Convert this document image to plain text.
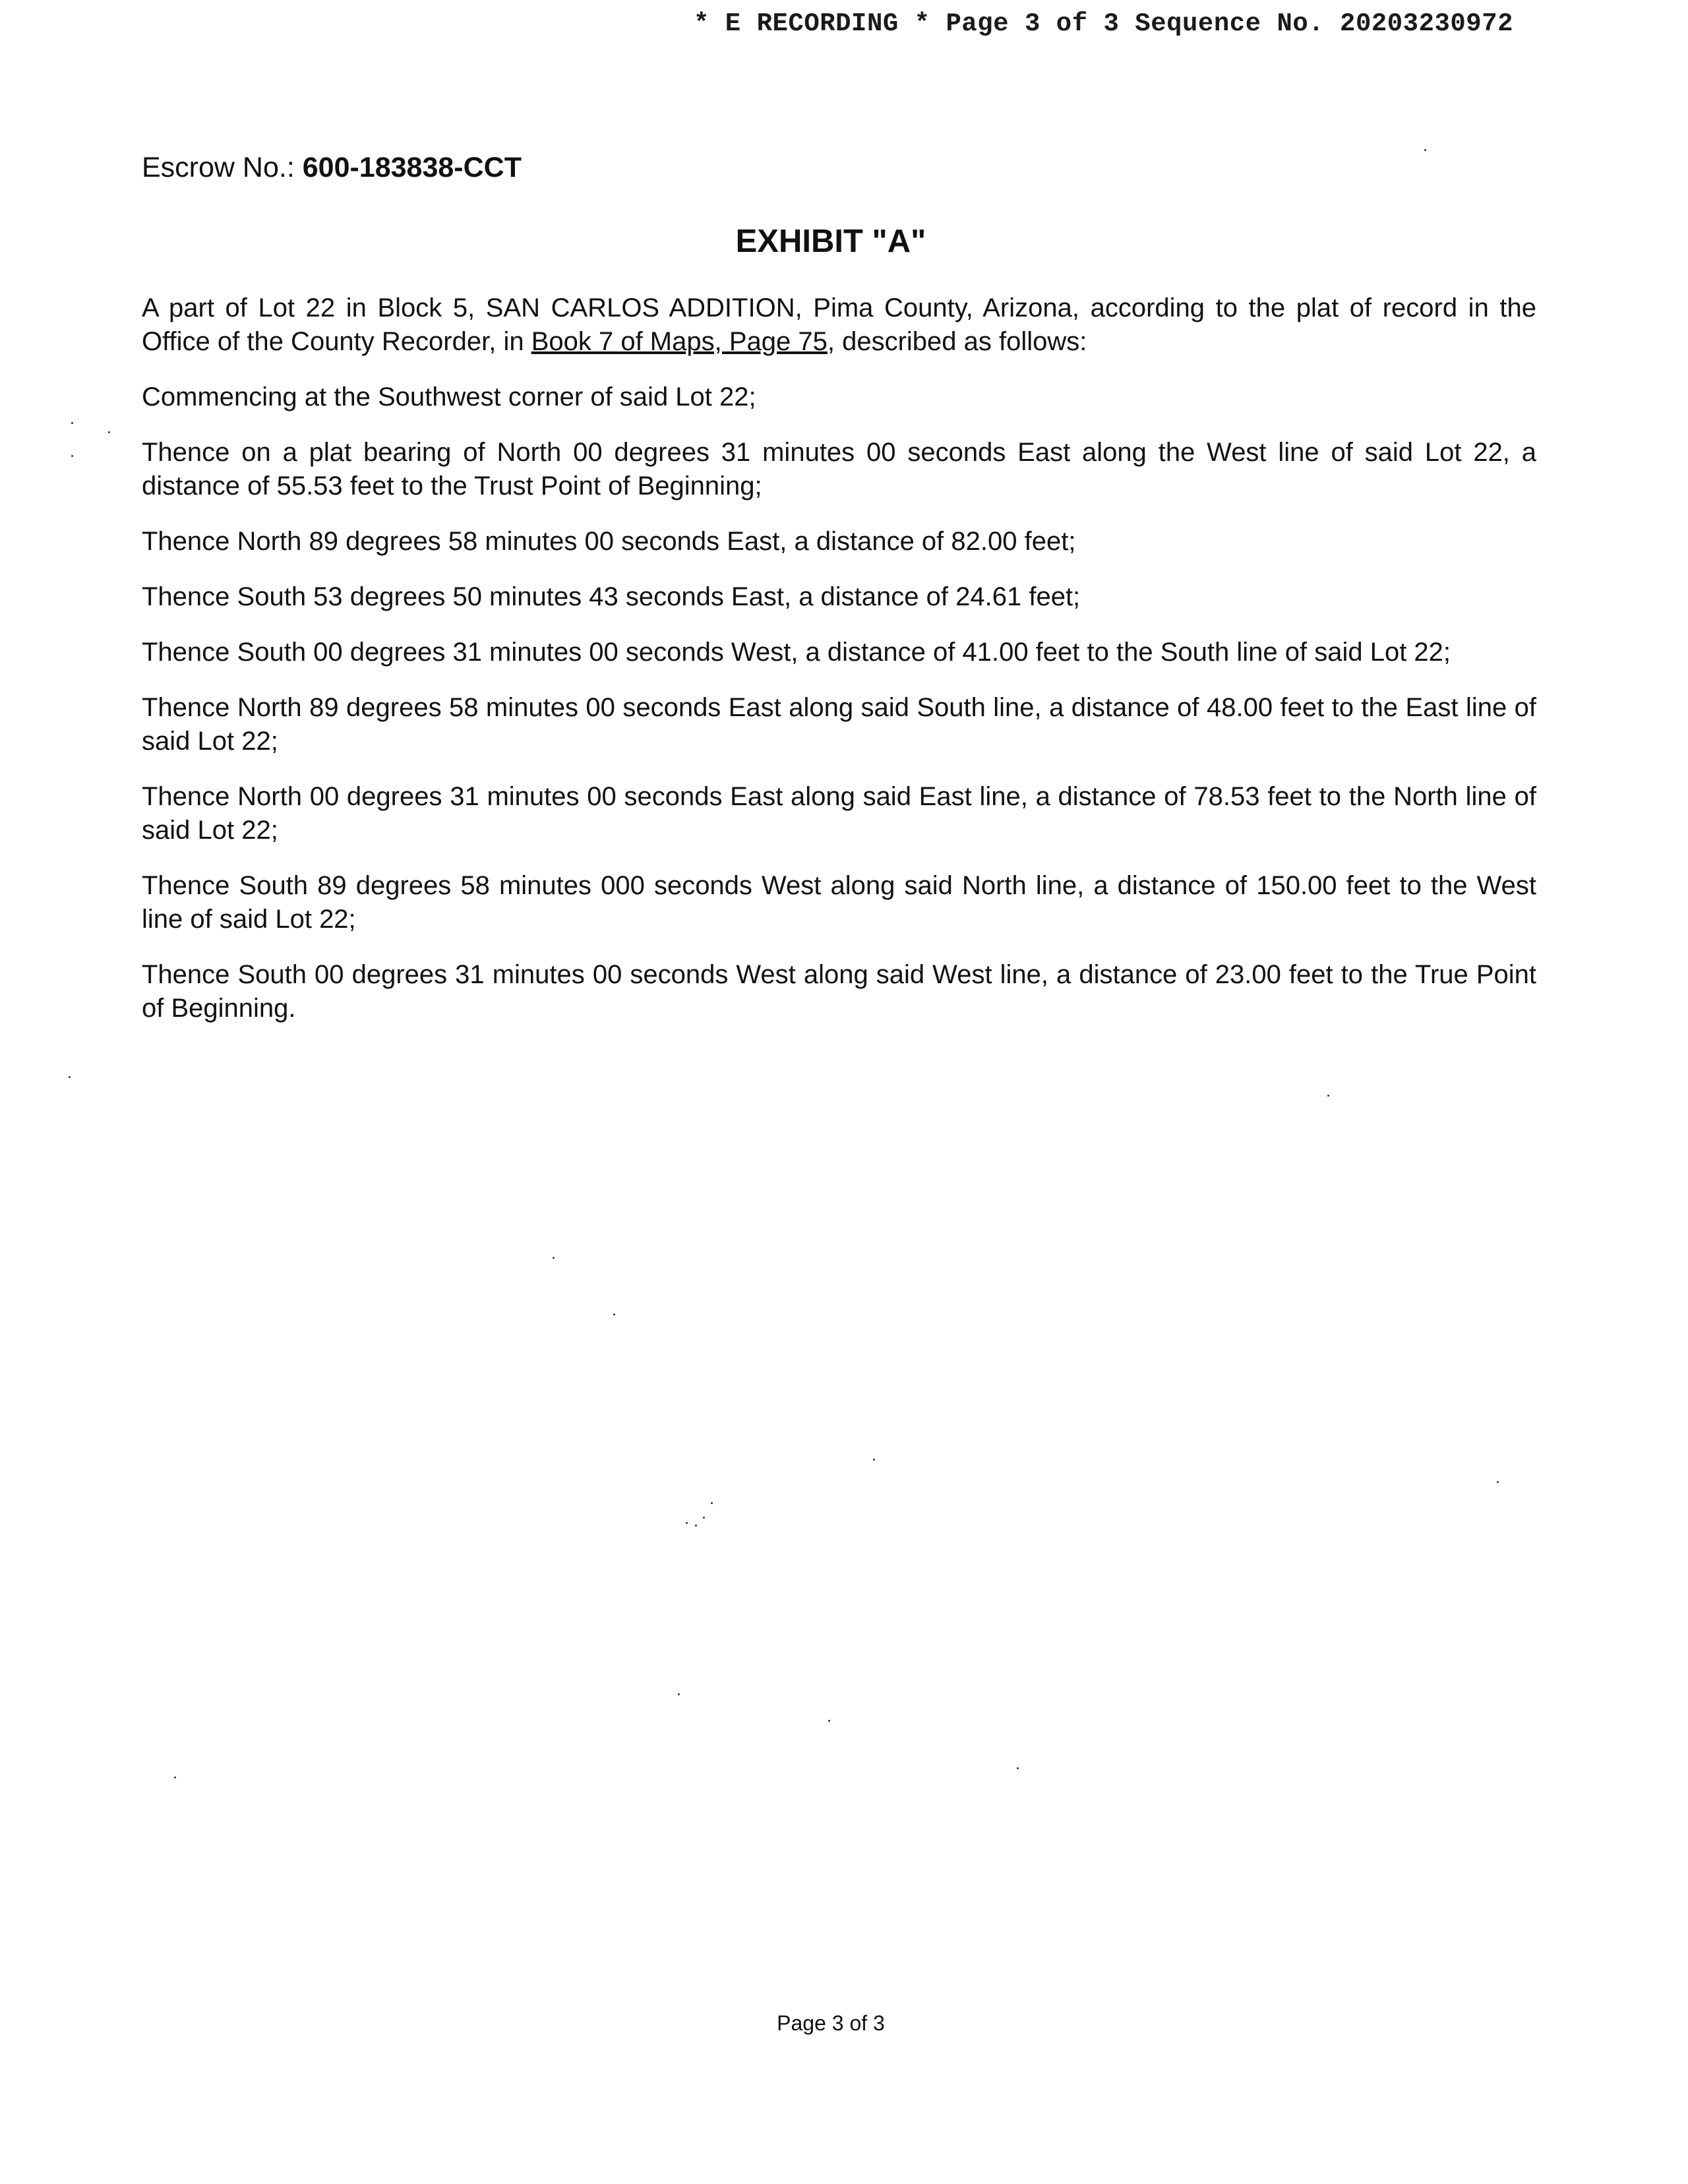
* E RECORDING * Page 3 of 3 Sequence No. 20203230972
Escrow No.: 600-183838-CCT
EXHIBIT "A"

A part of Lot 22 in Block 5, SAN CARLOS ADDITION, Pima County, Arizona, according to the plat of record in the Office of the County Recorder, in Book 7 of Maps, Page 75, described as follows:

Commencing at the Southwest corner of said Lot 22;

Thence on a plat bearing of North 00 degrees 31 minutes 00 seconds East along the West line of said Lot 22, a distance of 55.53 feet to the Trust Point of Beginning;

Thence North 89 degrees 58 minutes 00 seconds East, a distance of 82.00 feet;

Thence South 53 degrees 50 minutes 43 seconds East, a distance of 24.61 feet;

Thence South 00 degrees 31 minutes 00 seconds West, a distance of 41.00 feet to the South line of said Lot 22;

Thence North 89 degrees 58 minutes 00 seconds East along said South line, a distance of 48.00 feet to the East line of said Lot 22;

Thence North 00 degrees 31 minutes 00 seconds East along said East line, a distance of 78.53 feet to the North line of said Lot 22;

Thence South 89 degrees 58 minutes 000 seconds West along said North line, a distance of 150.00 feet to the West line of said Lot 22;

Thence South 00 degrees 31 minutes 00 seconds West along said West line, a distance of 23.00 feet to the True Point of Beginning.

Page 3 of 3
